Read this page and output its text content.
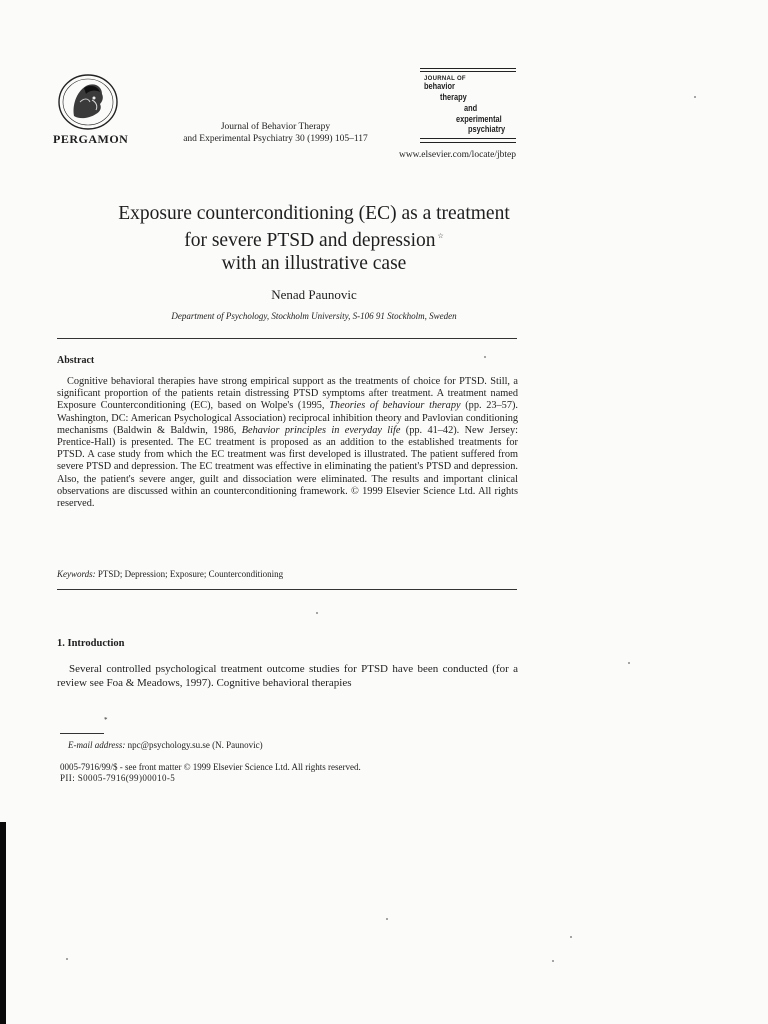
PERGAMON
Journal of Behavior Therapy
and Experimental Psychiatry 30 (1999) 105–117
JOURNAL OF
behavior
therapy
and
experimental
psychiatry
www.elsevier.com/locate/jbtep
Exposure counterconditioning (EC) as a treatment
for severe PTSD and depression ☆
with an illustrative case
Nenad Paunovic
Department of Psychology, Stockholm University, S-106 91 Stockholm, Sweden
Abstract
Cognitive behavioral therapies have strong empirical support as the treatments of choice for PTSD. Still, a significant proportion of the patients retain distressing PTSD symptoms after treatment. A treatment named Exposure Counterconditioning (EC), based on Wolpe's (1995, Theories of behaviour therapy (pp. 23–57). Washington, DC: American Psychological Association) reciprocal inhibition theory and Pavlovian conditioning mechanisms (Baldwin & Baldwin, 1986, Behavior principles in everyday life (pp. 41–42). New Jersey: Prentice-Hall) is presented. The EC treatment is proposed as an addition to the established treatments for PTSD. A case study from which the EC treatment was first developed is illustrated. The patient suffered from severe PTSD and depression. The EC treatment was effective in eliminating the patient's PTSD and depression. Also, the patient's severe anger, guilt and dissociation were eliminated. The results and important clinical observations are discussed within an counterconditioning framework. © 1999 Elsevier Science Ltd. All rights reserved.
Keywords: PTSD; Depression; Exposure; Counterconditioning
1. Introduction
Several controlled psychological treatment outcome studies for PTSD have been conducted (for a review see Foa & Meadows, 1997). Cognitive behavioral therapies
*
E-mail address: npc@psychology.su.se (N. Paunovic)
0005-7916/99/$ - see front matter © 1999 Elsevier Science Ltd. All rights reserved.
PII: S0005-7916(99)00010-5
